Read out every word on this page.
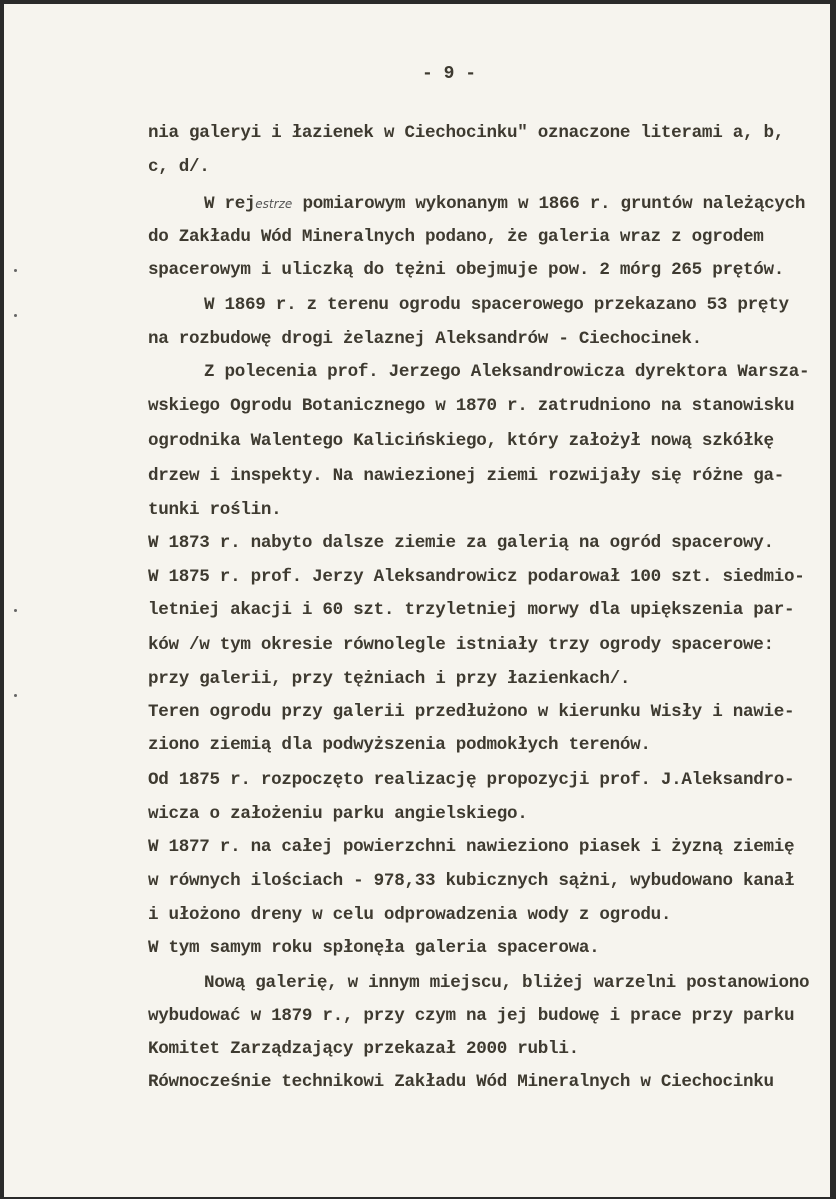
- 9 -
nia galeryi i łazienek w Ciechocinku" oznaczone literami a, b,
c, d/.
W rejestrze pomiarowym wykonanym w 1866 r. gruntów należących
do Zakładu Wód Mineralnych podano, że galeria wraz z ogrodem
spacerowym i uliczką do tężni obejmuje pow. 2 mórg 265 prętów.
W 1869 r. z terenu ogrodu spacerowego przekazano 53 pręty
na rozbudowę drogi żelaznej Aleksandrów - Ciechocinek.
Z polecenia prof. Jerzego Aleksandrowicza dyrektora Warsza-
wskiego Ogrodu Botanicznego w 1870 r. zatrudniono na stanowisku
ogrodnika Walentego Kalicińskiego, który założył nową szkółkę
drzew i inspekty. Na nawiezionej ziemi rozwijały się różne ga-
tunki roślin.
W 1873 r. nabyto dalsze ziemie za galerią na ogród spacerowy.
W 1875 r. prof. Jerzy Aleksandrowicz podarował 100 szt. siedmio-
letniej akacji i 60 szt. trzyletniej morwy dla upiększenia par-
ków /w tym okresie równolegle istniały trzy ogrody spacerowe:
przy galerii, przy tężniach i przy łazienkach/.
Teren ogrodu przy galerii przedłużono w kierunku Wisły i nawie-
ziono ziemią dla podwyższenia podmokłych terenów.
Od 1875 r. rozpoczęto realizację propozycji prof. J.Aleksandro-
wicza o założeniu parku angielskiego.
W 1877 r. na całej powierzchni nawieziono piasek i żyzną ziemię
w równych ilościach - 978,33 kubicznych sążni, wybudowano kanał
i ułożono dreny w celu odprowadzenia wody z ogrodu.
W tym samym roku spłonęła galeria spacerowa.
Nową galerię, w innym miejscu, bliżej warzelni postanowiono
wybudować w 1879 r., przy czym na jej budowę i prace przy parku
Komitet Zarządzający przekazał 2000 rubli.
Równocześnie technikowi Zakładu Wód Mineralnych w Ciechocinku
